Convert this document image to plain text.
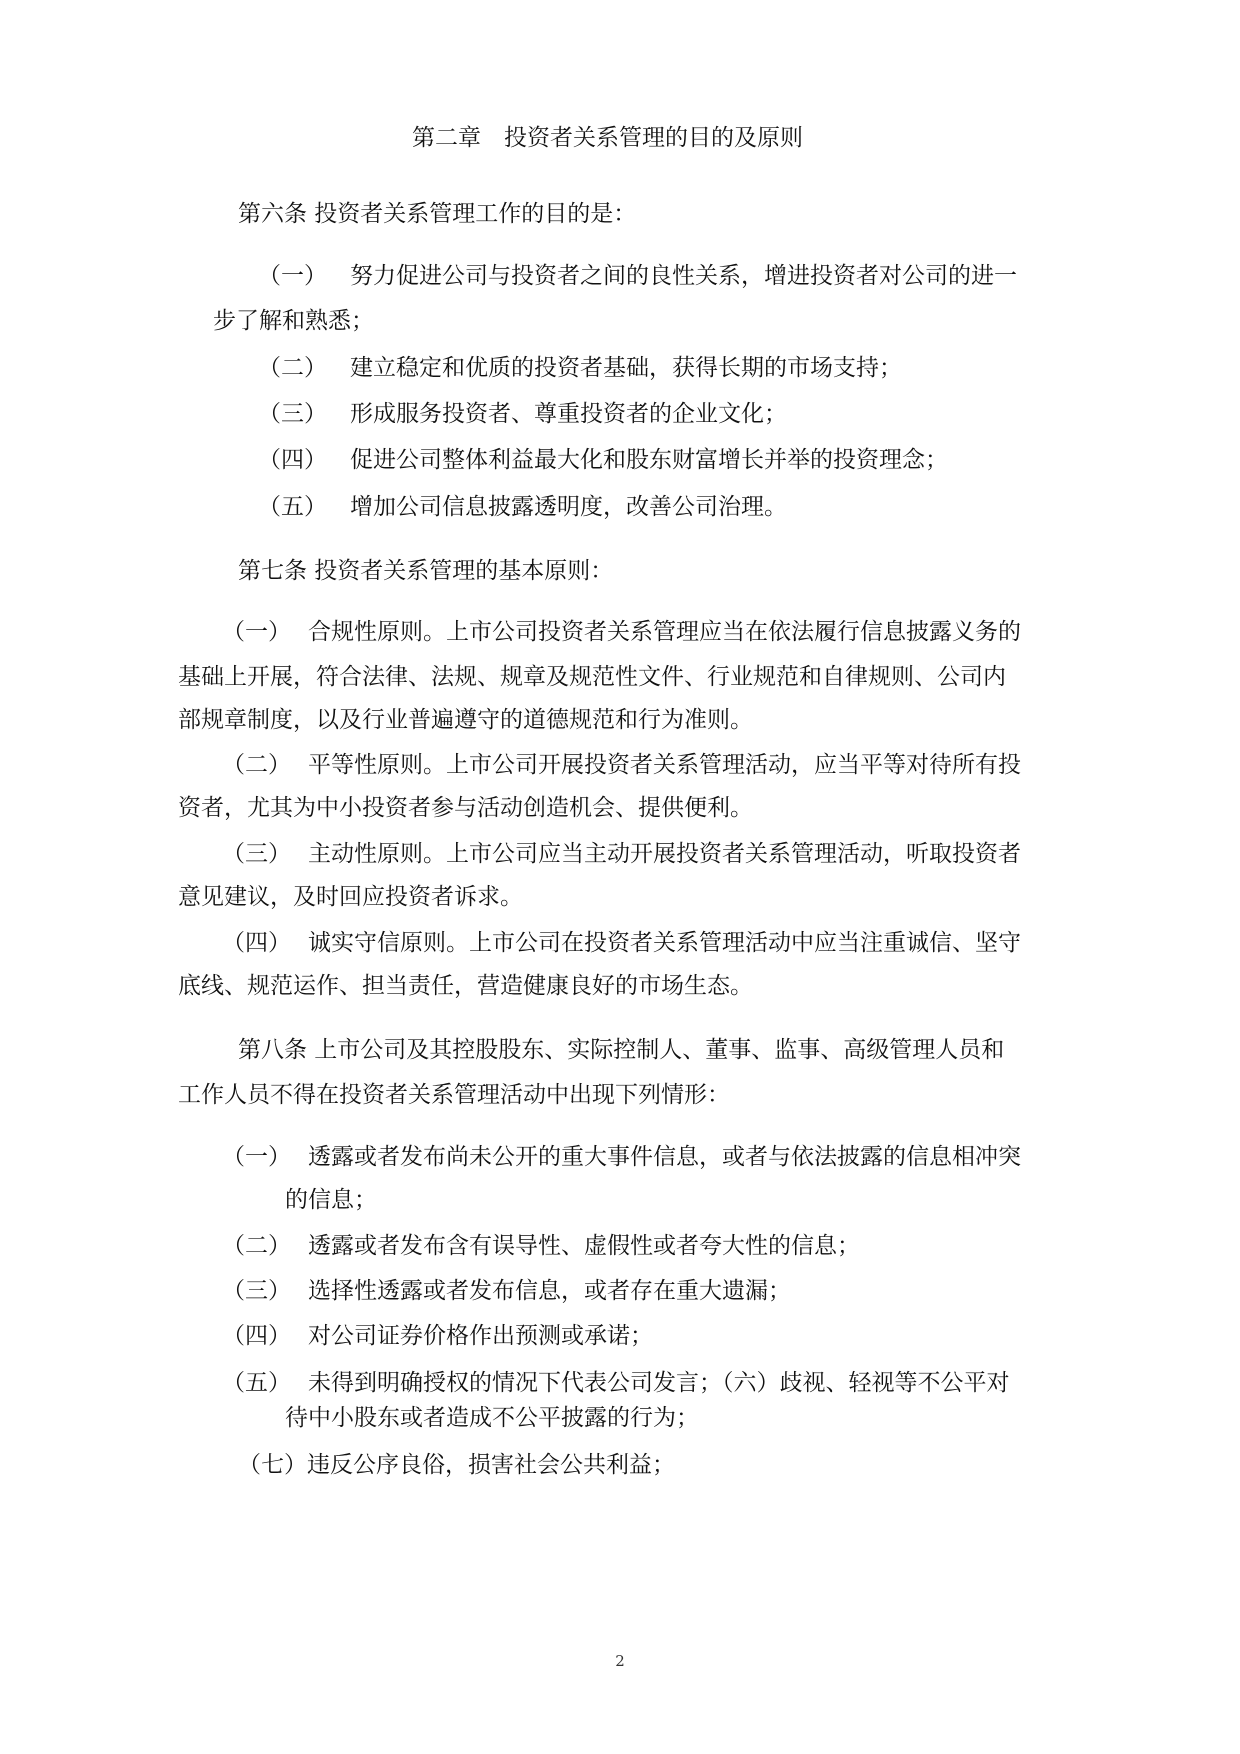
第二章　投资者关系管理的目的及原则
第六条 投资者关系管理工作的目的是：
（一） 努力促进公司与投资者之间的良性关系，增进投资者对公司的进一
步了解和熟悉；
（二） 建立稳定和优质的投资者基础，获得长期的市场支持；
（三） 形成服务投资者、尊重投资者的企业文化；
（四） 促进公司整体利益最大化和股东财富增长并举的投资理念；
（五） 增加公司信息披露透明度，改善公司治理。
第七条 投资者关系管理的基本原则：
（一） 合规性原则。上市公司投资者关系管理应当在依法履行信息披露义务的
基础上开展，符合法律、法规、规章及规范性文件、行业规范和自律规则、公司内
部规章制度，以及行业普遍遵守的道德规范和行为准则。
（二） 平等性原则。上市公司开展投资者关系管理活动，应当平等对待所有投
资者，尤其为中小投资者参与活动创造机会、提供便利。
（三） 主动性原则。上市公司应当主动开展投资者关系管理活动，听取投资者
意见建议，及时回应投资者诉求。
（四） 诚实守信原则。上市公司在投资者关系管理活动中应当注重诚信、坚守
底线、规范运作、担当责任，营造健康良好的市场生态。
第八条 上市公司及其控股股东、实际控制人、董事、监事、高级管理人员和
工作人员不得在投资者关系管理活动中出现下列情形：
（一） 透露或者发布尚未公开的重大事件信息，或者与依法披露的信息相冲突
的信息；
（二） 透露或者发布含有误导性、虚假性或者夸大性的信息；
（三） 选择性透露或者发布信息，或者存在重大遗漏；
（四） 对公司证券价格作出预测或承诺；
（五） 未得到明确授权的情况下代表公司发言；（六）歧视、轻视等不公平对
待中小股东或者造成不公平披露的行为；
（七）违反公序良俗，损害社会公共利益；
2
